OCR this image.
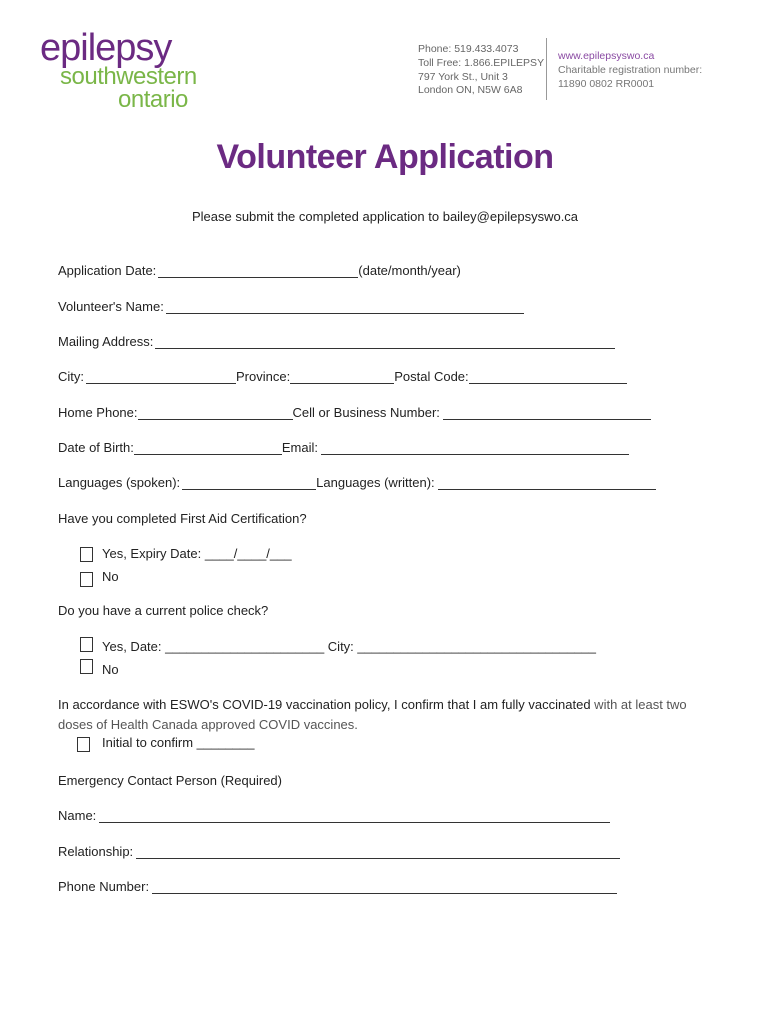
epilepsy
southwestern
ontario
Phone: 519.433.4073
Toll Free: 1.866.EPILEPSY
797 York St., Unit 3
London ON, N5W 6A8
www.epilepsyswo.ca
Charitable registration number:
11890 0802 RR0001
Volunteer Application
Please submit the completed application to bailey@epilepsyswo.ca
Application Date:	(date/month/year)
Volunteer's Name:
Mailing Address:
City:	Province:	Postal Code:
Home Phone:	Cell or Business Number:
Date of Birth:	Email:
Languages (spoken):	Languages (written):
Have you completed First Aid Certification?
Yes, Expiry Date: ____/____/___
No
Do you have a current police check?
Yes, Date: ______________________ City: _________________________________
No
In accordance with ESWO's COVID-19 vaccination policy, I confirm that I am fully vaccinated with at least two doses of Health Canada approved COVID vaccines.
Initial to confirm ________
Emergency Contact Person (Required)
Name:
Relationship:
Phone Number:
